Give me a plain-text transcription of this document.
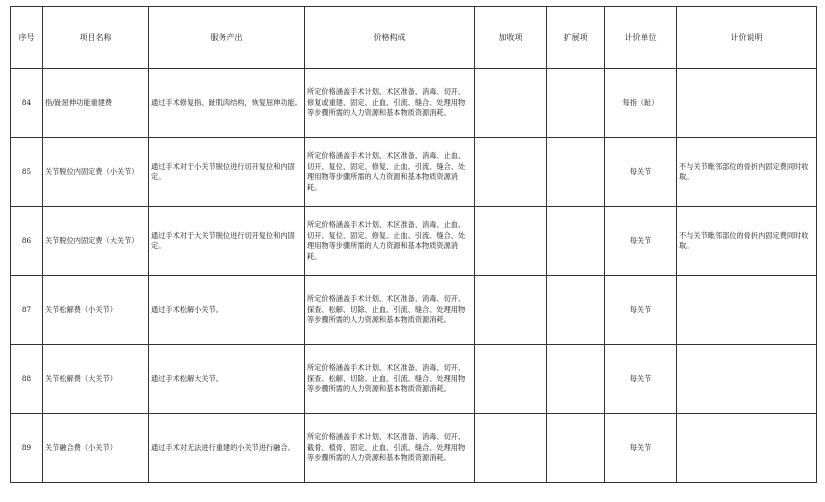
序号	项目名称	服务产出	价格构成	加收项	扩展项	计价单位	计价说明
84	指/趾屈伸功能重建费	通过手术修复指、趾肌肉结构，恢复屈伸功能。	所定价格涵盖手术计划、术区准备、消毒、切开、修复或重建、固定、止血、引流、缝合、处理用物等步骤所需的人力资源和基本物质资源消耗。			每指（趾）	

85	关节脱位内固定费（小关节）	通过手术对于小关节脱位进行切开复位和内固定。	所定价格涵盖手术计划、术区准备、消毒、止血、切开、复位、固定、修复、止血、引流、缝合、处理用物等步骤所需的人力资源和基本物质资源消耗。			每关节	不与关节毗邻部位的骨折内固定费同时收取。

86	关节脱位内固定费（大关节）	通过手术对于大关节脱位进行切开复位和内固定。	所定价格涵盖手术计划、术区准备、消毒、止血、切开、复位、固定、修复、止血、引流、缝合、处理用物等步骤所需的人力资源和基本物质资源消耗。			每关节	不与关节毗邻部位的骨折内固定费同时收取。

87	关节松解费（小关节）	通过手术松解小关节。	所定价格涵盖手术计划、术区准备、消毒、切开、探查、松解、切除、止血、引流、缝合、处理用物等步骤所需的人力资源和基本物质资源消耗。			每关节	

88	关节松解费（大关节）	通过手术松解大关节。	所定价格涵盖手术计划、术区准备、消毒、切开、探查、松解、切除、止血、引流、缝合、处理用物等步骤所需的人力资源和基本物质资源消耗。			每关节	

89	关节融合费（小关节）	通过手术对无法进行重建的小关节进行融合。	所定价格涵盖手术计划、术区准备、消毒、切开、截骨、植骨、固定、止血、引流、缝合、处理用物等步骤所需的人力资源和基本物质资源消耗。			每关节	
